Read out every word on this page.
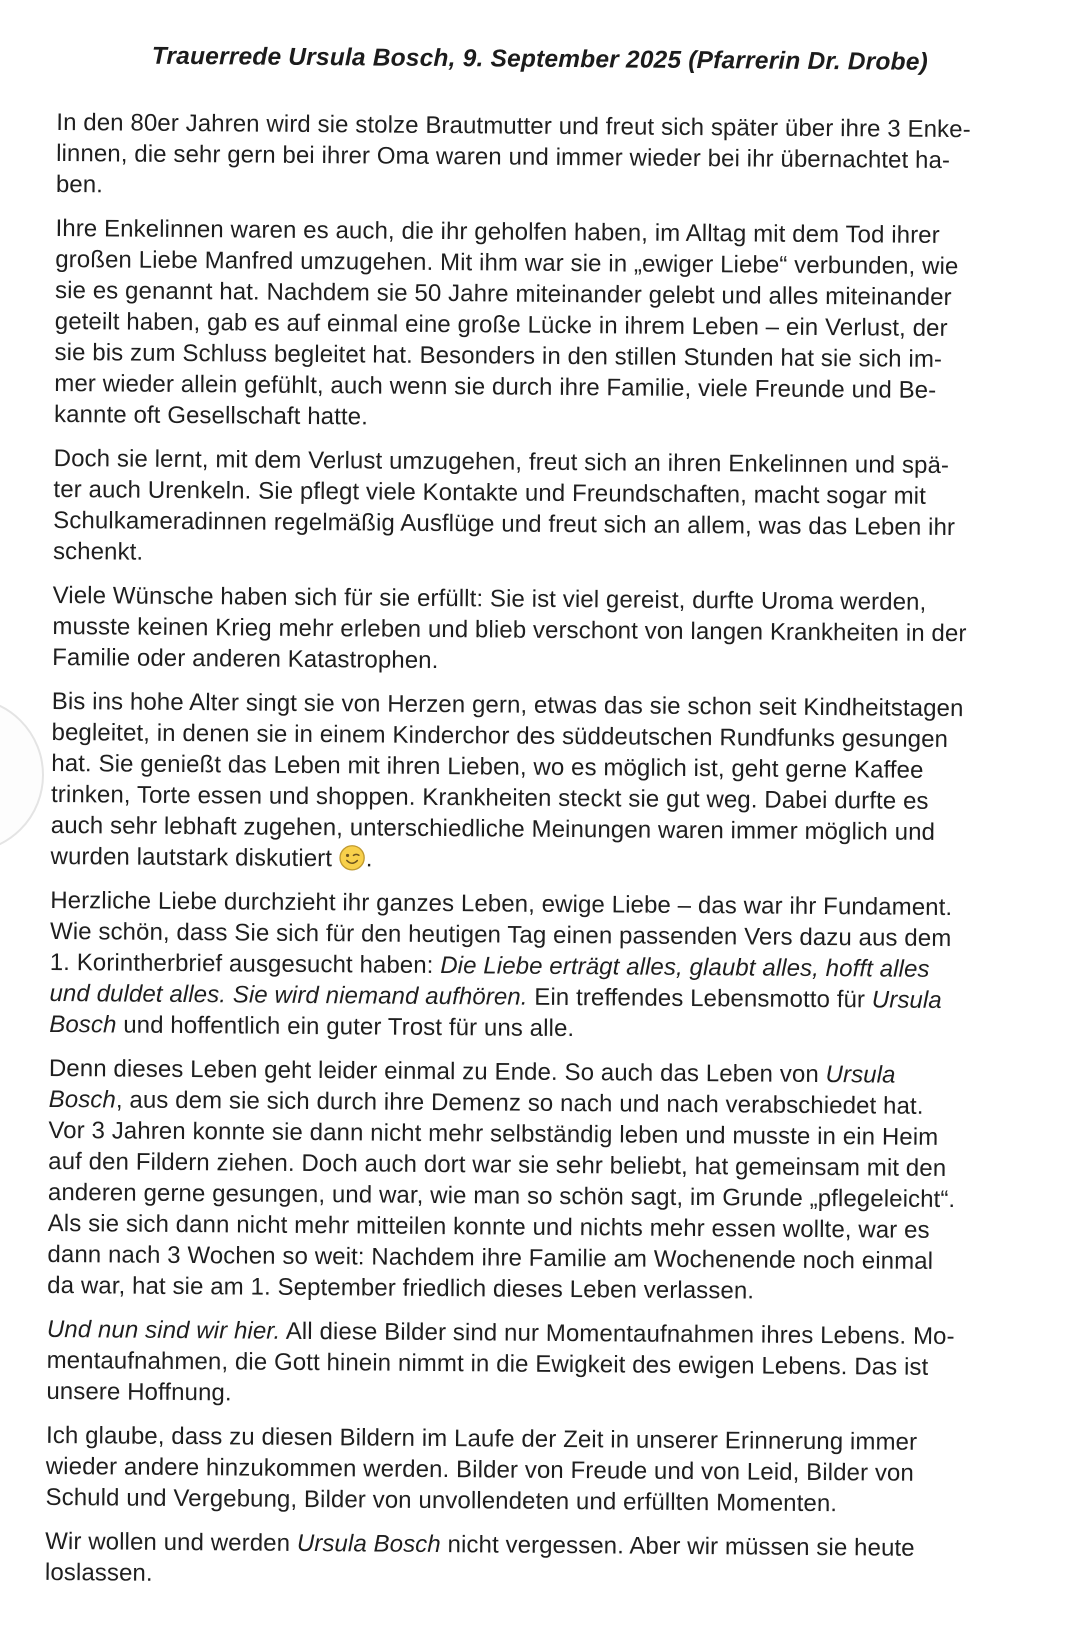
Trauerrede Ursula Bosch, 9. September 2025 (Pfarrerin Dr. Drobe)

In den 80er Jahren wird sie stolze Brautmutter und freut sich später über ihre 3 Enke-
linnen, die sehr gern bei ihrer Oma waren und immer wieder bei ihr übernachtet ha-
ben.

Ihre Enkelinnen waren es auch, die ihr geholfen haben, im Alltag mit dem Tod ihrer
großen Liebe Manfred umzugehen. Mit ihm war sie in „ewiger Liebe“ verbunden, wie
sie es genannt hat. Nachdem sie 50 Jahre miteinander gelebt und alles miteinander
geteilt haben, gab es auf einmal eine große Lücke in ihrem Leben – ein Verlust, der
sie bis zum Schluss begleitet hat. Besonders in den stillen Stunden hat sie sich im-
mer wieder allein gefühlt, auch wenn sie durch ihre Familie, viele Freunde und Be-
kannte oft Gesellschaft hatte.

Doch sie lernt, mit dem Verlust umzugehen, freut sich an ihren Enkelinnen und spä-
ter auch Urenkeln. Sie pflegt viele Kontakte und Freundschaften, macht sogar mit
Schulkameradinnen regelmäßig Ausflüge und freut sich an allem, was das Leben ihr
schenkt.

Viele Wünsche haben sich für sie erfüllt: Sie ist viel gereist, durfte Uroma werden,
musste keinen Krieg mehr erleben und blieb verschont von langen Krankheiten in der
Familie oder anderen Katastrophen.

Bis ins hohe Alter singt sie von Herzen gern, etwas das sie schon seit Kindheitstagen
begleitet, in denen sie in einem Kinderchor des süddeutschen Rundfunks gesungen
hat. Sie genießt das Leben mit ihren Lieben, wo es möglich ist, geht gerne Kaffee
trinken, Torte essen und shoppen. Krankheiten steckt sie gut weg. Dabei durfte es
auch sehr lebhaft zugehen, unterschiedliche Meinungen waren immer möglich und
wurden lautstark diskutiert .

Herzliche Liebe durchzieht ihr ganzes Leben, ewige Liebe – das war ihr Fundament.
Wie schön, dass Sie sich für den heutigen Tag einen passenden Vers dazu aus dem
1. Korintherbrief ausgesucht haben: Die Liebe erträgt alles, glaubt alles, hofft alles
und duldet alles. Sie wird niemand aufhören. Ein treffendes Lebensmotto für Ursula
Bosch und hoffentlich ein guter Trost für uns alle.

Denn dieses Leben geht leider einmal zu Ende. So auch das Leben von Ursula
Bosch, aus dem sie sich durch ihre Demenz so nach und nach verabschiedet hat.
Vor 3 Jahren konnte sie dann nicht mehr selbständig leben und musste in ein Heim
auf den Fildern ziehen. Doch auch dort war sie sehr beliebt, hat gemeinsam mit den
anderen gerne gesungen, und war, wie man so schön sagt, im Grunde „pflegeleicht“.
Als sie sich dann nicht mehr mitteilen konnte und nichts mehr essen wollte, war es
dann nach 3 Wochen so weit: Nachdem ihre Familie am Wochenende noch einmal
da war, hat sie am 1. September friedlich dieses Leben verlassen.

Und nun sind wir hier. All diese Bilder sind nur Momentaufnahmen ihres Lebens. Mo-
mentaufnahmen, die Gott hinein nimmt in die Ewigkeit des ewigen Lebens. Das ist
unsere Hoffnung.

Ich glaube, dass zu diesen Bildern im Laufe der Zeit in unserer Erinnerung immer
wieder andere hinzukommen werden. Bilder von Freude und von Leid, Bilder von
Schuld und Vergebung, Bilder von unvollendeten und erfüllten Momenten.

Wir wollen und werden Ursula Bosch nicht vergessen. Aber wir müssen sie heute
loslassen.
